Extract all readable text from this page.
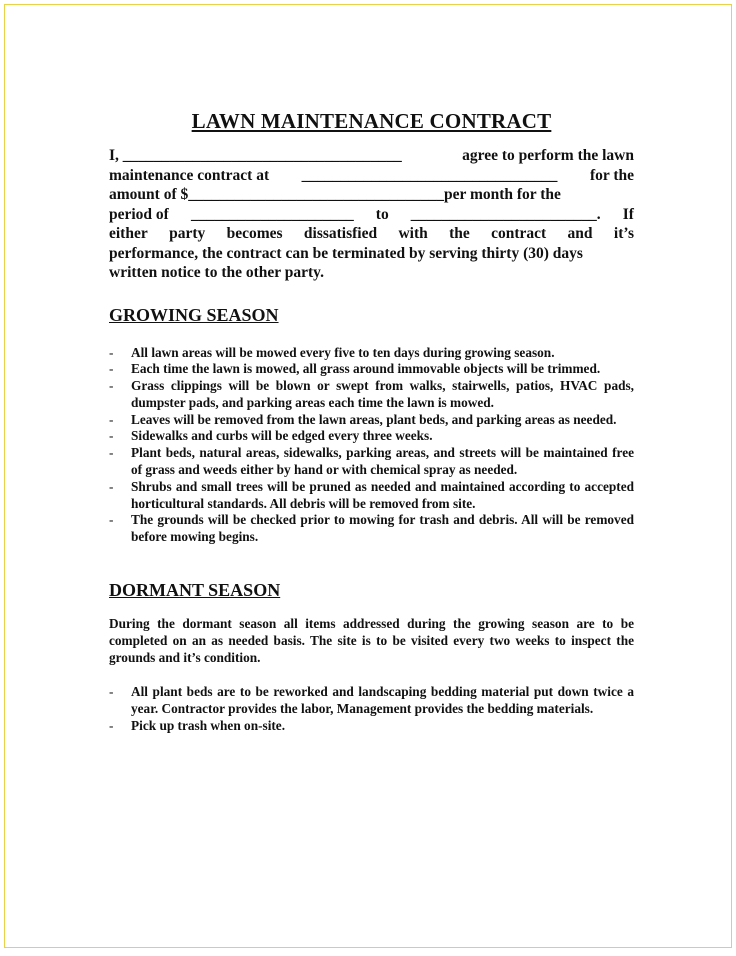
LAWN MAINTENANCE CONTRACT
I, ____________________________________	agree to perform the lawn
maintenance contract at _________________________________ for the
amount of $_________________________________per month for the
period of _____________________ to ________________________. If
either party becomes dissatisfied with the contract and it’s
performance, the contract can be terminated by serving thirty (30) days
written notice to the other party.
GROWING SEASON
- All lawn areas will be mowed every five to ten days during growing season.
- Each time the lawn is mowed, all grass around immovable objects will be trimmed.
- Grass clippings will be blown or swept from walks, stairwells, patios, HVAC pads, dumpster pads, and parking areas each time the lawn is mowed.
- Leaves will be removed from the lawn areas, plant beds, and parking areas as needed.
- Sidewalks and curbs will be edged every three weeks.
- Plant beds, natural areas, sidewalks, parking areas, and streets will be maintained free of grass and weeds either by hand or with chemical spray as needed.
- Shrubs and small trees will be pruned as needed and maintained according to accepted horticultural standards. All debris will be removed from site.
- The grounds will be checked prior to mowing for trash and debris. All will be removed before mowing begins.
DORMANT SEASON

During the dormant season all items addressed during the growing season are to be completed on an as needed basis. The site is to be visited every two weeks to inspect the grounds and it’s condition.

- All plant beds are to be reworked and landscaping bedding material put down twice a year. Contractor provides the labor, Management provides the bedding materials.
- Pick up trash when on-site.
